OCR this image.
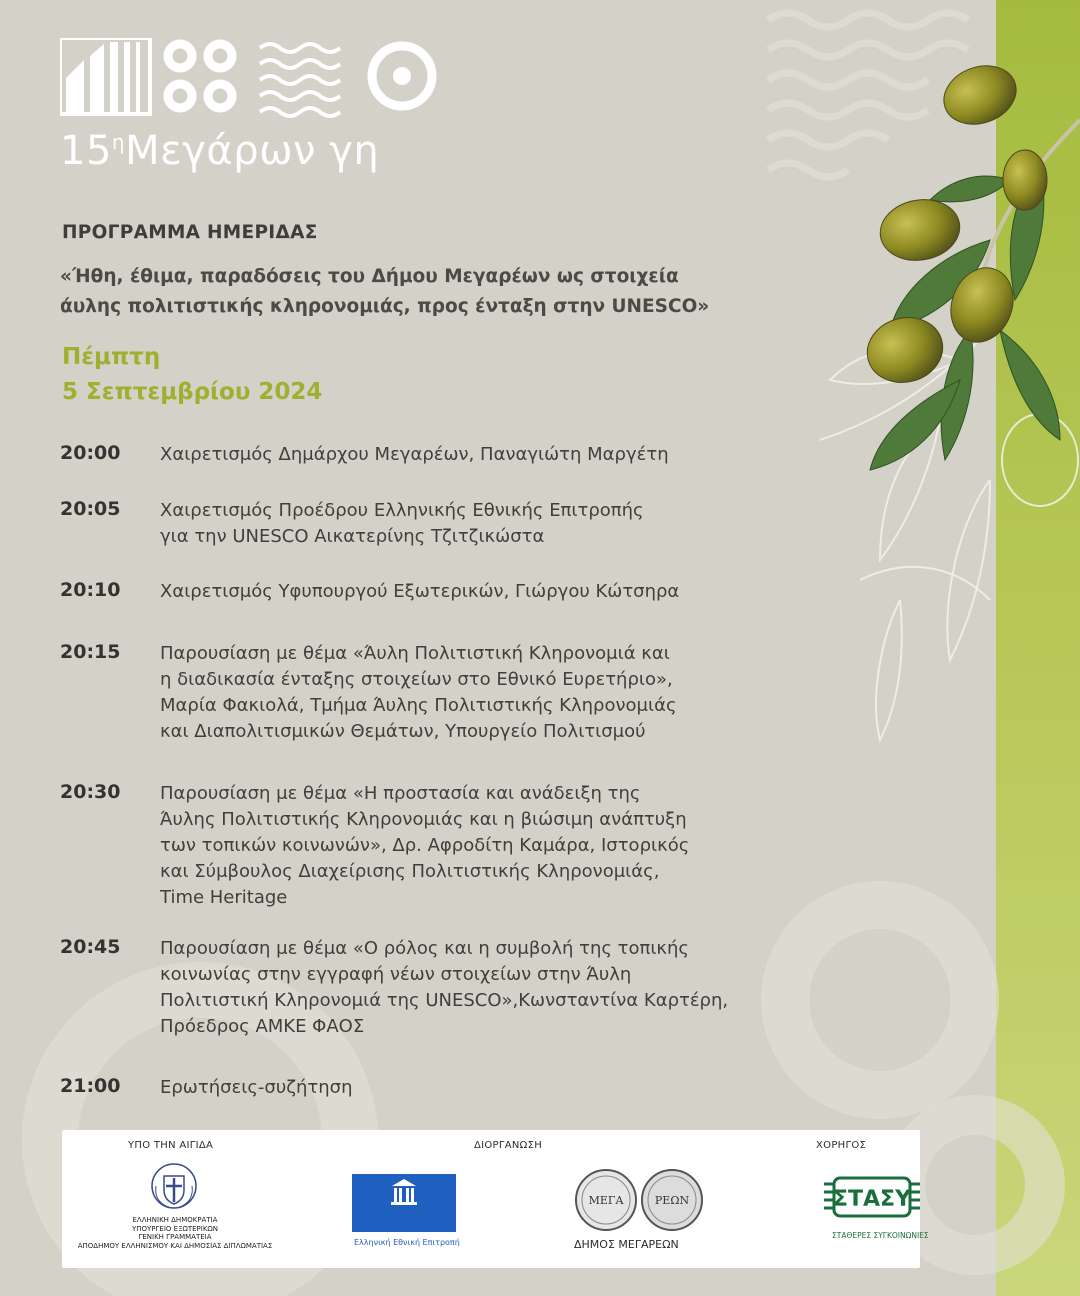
$15^\eta M\varepsilon\gamma ά\rho\omega\nu$ γη
ΠΡΟΓΡΑΜΜΑ ΗΜΕΡΙΔΑΣ
«Ήθη, έθιμα, παραδόσεις του Δήμου Μεγαρέων ως στοιχεία
άυλης πολιτιστικής κληρονομιάς, προς ένταξη στην UNESCO»
Πέμπτη
5 Σεπτεμβρίου 2024
20:00 Χαιρετισμός Δημάρχου Μεγαρέων, Παναγιώτη Μαργέτη
20:05 Χαιρετισμός Προέδρου Ελληνικής Εθνικής Επιτροπής
για την UNESCO Αικατερίνης Τζιτζικώστα
20:10 Χαιρετισμός Υφυπουργού Εξωτερικών, Γιώργου Κώτσηρα
20:15 Παρουσίαση με θέμα «Άυλη Πολιτιστική Κληρονομιά και
η διαδικασία ένταξης στοιχείων στο Εθνικό Ευρετήριο»,
Μαρία Φακιολά, Τμήμα Άυλης Πολιτιστικής Κληρονομιάς
και Διαπολιτισμικών Θεμάτων, Υπουργείο Πολιτισμού
20:30 Παρουσίαση με θέμα «Η προστασία και ανάδειξη της
Άυλης Πολιτιστικής Κληρονομιάς και η βιώσιμη ανάπτυξη
των τοπικών κοινωνών», Δρ. Αφροδίτη Καμάρα, Ιστορικός
και Σύμβουλος Διαχείρισης Πολιτιστικής Κληρονομιάς,
Time Heritage
20:45 Παρουσίαση με θέμα «Ο ρόλος και η συμβολή της τοπικής
κοινωνίας στην εγγραφή νέων στοιχείων στην Άυλη
Πολιτιστική Κληρονομιά της UNESCO»,Κωνσταντίνα Καρτέρη,
Πρόεδρος ΑΜΚΕ ΦΑΟΣ
21:00 Ερωτήσεις-συζήτηση
ΥΠΟ ΤΗΝ ΑΙΓΙΔΑ	ΔΙΟΡΓΑΝΩΣΗ	ΧΟΡΗΓΟΣ
ΕΛΛΗΝΙΚΗ ΔΗΜΟΚΡΑΤΙΑ
ΥΠΟΥΡΓΕΙΟ ΕΞΩΤΕΡΙΚΩΝ
ΓΕΝΙΚΗ ΓΡΑΜΜΑΤΕΙΑ
ΑΠΟΔΗΜΟΥ ΕΛΛΗΝΙΣΜΟΥ ΚΑΙ ΔΗΜΟΣΙΑΣ ΔΙΠΛΩΜΑΤΙΑΣ
unesco
Ελληνική Εθνική Επιτροπή
ΜΕΓΑ	ΡΕΩΝ
ΔΗΜΟΣ ΜΕΓΑΡΕΩΝ
ΣΤΑΣΥ
ΣΤΑΘΕΡΕΣ ΣΥΓΚΟΙΝΩΝΙΕΣ
